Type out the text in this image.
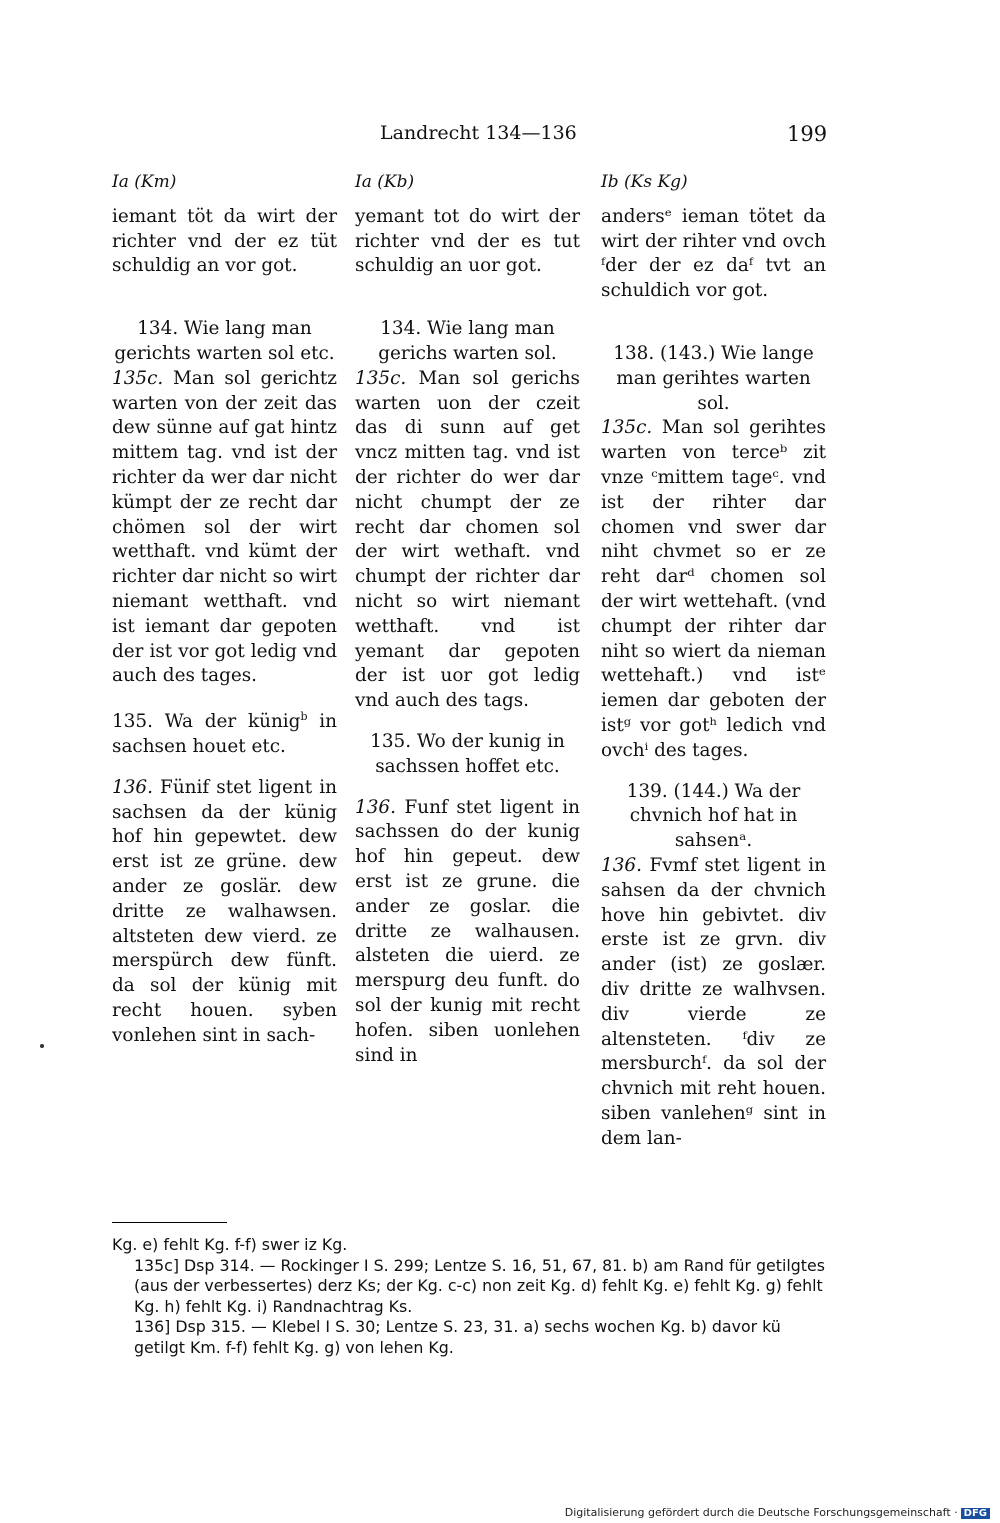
Landrecht 134—136	199

Ia (Km)

iemant töt da wirt der richter vnd der ez tüt schuldig an vor got.

134. Wie lang man gerichts warten sol etc.

135c. Man sol gerichtz warten von der zeit das dew sünne auf gat hintz mittem tag. vnd ist der richter da wer dar nicht kümpt der ze recht dar chömen sol der wirt wetthaft. vnd kümt der richter dar nicht so wirt niemant wetthaft. vnd ist iemant dar gepoten der ist vor got ledig vnd auch des tages.

135. Wa der künig$^b$ in sachsen houet etc.

136. Fünif stet ligent in sachsen da der künig hof hin gepewtet. dew erst ist ze grüne. dew ander ze goslär. dew dritte ze walhawsen. altsteten dew vierd. ze merspürch dew fünft. da sol der künig mit recht houen. syben vonlehen sint in sach-

Ia (Kb)

yemant tot do wirt der richter vnd der es tut schuldig an uor got.

134. Wie lang man gerichs warten sol.

135c. Man sol gerichs warten uon der czeit das di sunn auf get vncz mitten tag. vnd ist der richter do wer dar nicht chumpt der ze recht dar chomen sol der wirt wethaft. vnd chumpt der richter dar nicht so wirt niemant wetthaft. vnd ist yemant dar gepoten der ist uor got ledig vnd auch des tags.

135. Wo der kunig in sachssen hoffet etc.

136. Funf stet ligent in sachssen do der kunig hof hin gepeut. dew erst ist ze grune. die ander ze goslar. die dritte ze walhausen. alsteten die uierd. ze merspurg deu funft. do sol der kunig mit recht hofen. siben uonlehen sind in

Ib (Ks Kg)

andersᵉ ieman tötet da wirt der rihter vnd ovch ᶠder der ez daᶠ tvt an schuldich vor got.

138. (143.) Wie lange man gerihtes warten sol.

135c. Man sol gerihtes warten von terceᵇ zit vnze ᶜmittem tageᶜ. vnd ist der rihter dar chomen vnd swer dar niht chvmet so er ze reht darᵈ chomen sol der wirt wettehaft. (vnd chumpt der rihter dar niht so wiert da nieman wettehaft.) vnd istᵉ iemen dar geboten der istᵍ vor gotʰ ledich vnd ovchⁱ des tages.

139. (144.) Wa der chvnich hof hat in sahsenᵃ.

136. Fvmf stet ligent in sahsen da der chvnich hove hin gebivtet. div erste ist ze grvn. div ander (ist) ze goslær. div dritte ze walhvsen. div vierde ze altensteten. ᶠdiv ze mersburchᶠ. da sol der chvnich mit reht houen. siben vanlehenᵍ sint in dem lan-

Kg. e) fehlt Kg. f-f) swer iz Kg.

135c] Dsp 314. — Rockinger I S. 299; Lentze S. 16, 51, 67, 81. b) am Rand für getilgtes (aus der verbessertes) derz Ks; der Kg. c-c) non zeit Kg. d) fehlt Kg. e) fehlt Kg. g) fehlt Kg. h) fehlt Kg. i) Randnachtrag Ks.

136] Dsp 315. — Klebel I S. 30; Lentze S. 23, 31. a) sechs wochen Kg. b) davor kü getilgt Km. f-f) fehlt Kg. g) von lehen Kg.

Digitalisierung gefördert durch die Deutsche Forschungsgemeinschaft · DFG
